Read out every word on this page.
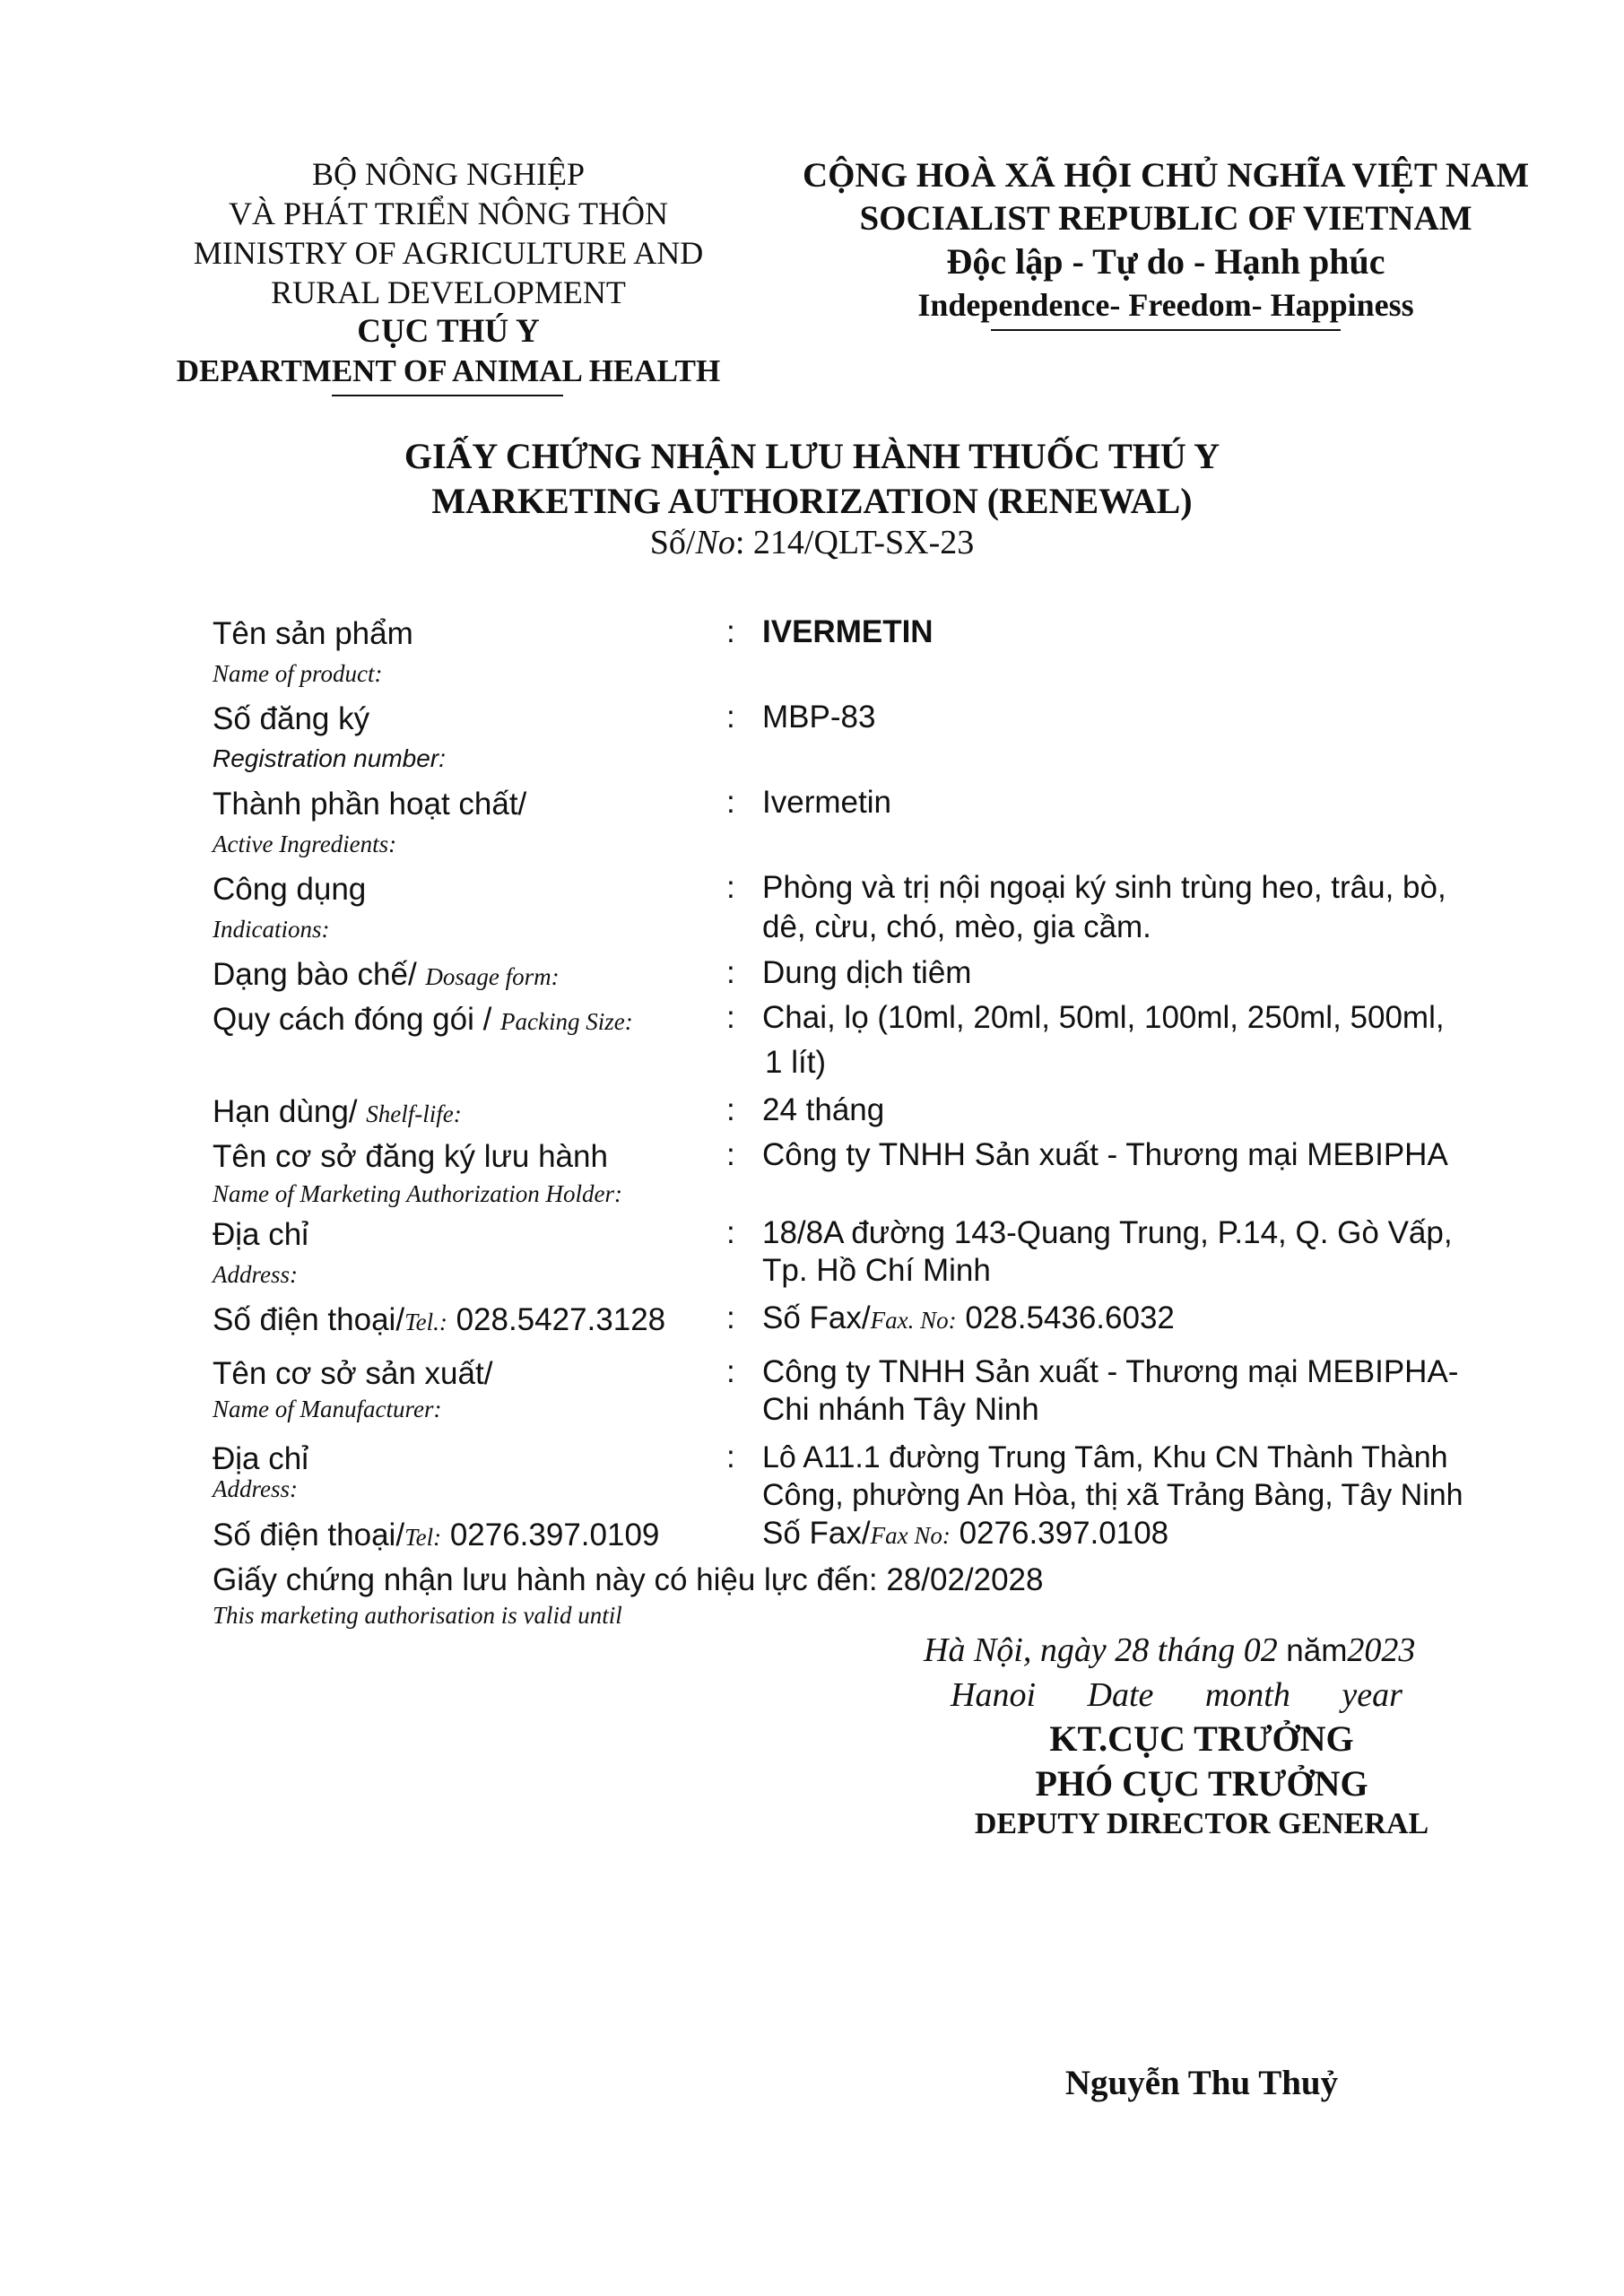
BỘ NÔNG NGHIỆP
VÀ PHÁT TRIỂN NÔNG THÔN
MINISTRY OF AGRICULTURE AND
RURAL DEVELOPMENT
CỤC THÚ Y
DEPARTMENT OF ANIMAL HEALTH
CỘNG HOÀ XÃ HỘI CHỦ NGHĨA VIỆT NAM
SOCIALIST REPUBLIC OF VIETNAM
Độc lập - Tự do - Hạnh phúc
Independence- Freedom- Happiness
GIẤY CHỨNG NHẬN LƯU HÀNH THUỐC THÚ Y
MARKETING AUTHORIZATION (RENEWAL)
Số/No: 214/QLT-SX-23
Tên sản phẩm
Name of product:
: IVERMETIN
Số đăng ký
Registration number:
: MBP-83
Thành phần hoạt chất/
Active Ingredients:
: Ivermetin
Công dụng
Indications:
: Phòng và trị nội ngoại ký sinh trùng heo, trâu, bò,
dê, cừu, chó, mèo, gia cầm.
Dạng bào chế/ Dosage form:	: Dung dịch tiêm
Quy cách đóng gói / Packing Size:	: Chai, lọ (10ml, 20ml, 50ml, 100ml, 250ml, 500ml,
1 lít)
Hạn dùng/ Shelf-life:	: 24 tháng
Tên cơ sở đăng ký lưu hành
Name of Marketing Authorization Holder:
: Công ty TNHH Sản xuất - Thương mại MEBIPHA
Địa chỉ
Address:
: 18/8A đường 143-Quang Trung, P.14, Q. Gò Vấp,
Tp. Hồ Chí Minh
Số điện thoại/Tel.: 028.5427.3128 : Số Fax/Fax. No: 028.5436.6032
Tên cơ sở sản xuất/
Name of Manufacturer:
: Công ty TNHH Sản xuất - Thương mại MEBIPHA-
Chi nhánh Tây Ninh
Địa chỉ
Address:
: Lô A11.1 đường Trung Tâm, Khu CN Thành Thành
Công, phường An Hòa, thị xã Trảng Bàng, Tây Ninh
Số điện thoại/Tel: 0276.397.0109	Số Fax/Fax No: 0276.397.0108
Giấy chứng nhận lưu hành này có hiệu lực đến: 28/02/2028
This marketing authorisation is valid until
Hà Nội, ngày 28 tháng 02 năm2023
Hanoi Date month year
KT.CỤC TRƯỞNG
PHÓ CỤC TRƯỞNG
DEPUTY DIRECTOR GENERAL
Nguyễn Thu Thuỷ
